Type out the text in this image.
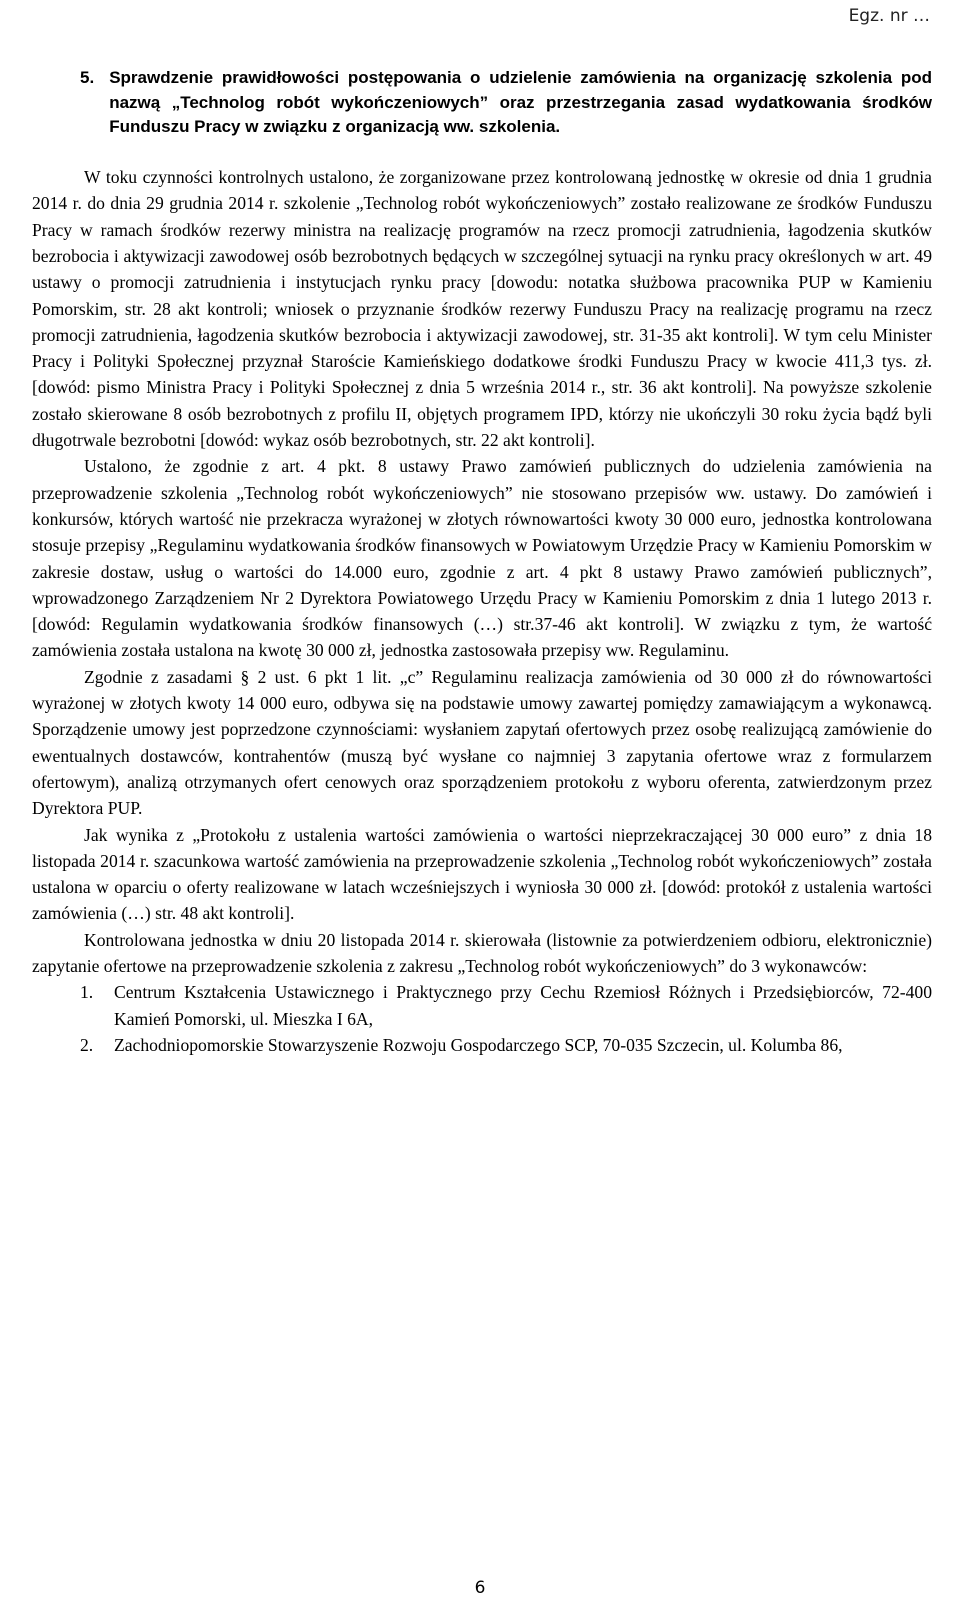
Egz. nr …
5. Sprawdzenie prawidłowości postępowania o udzielenie zamówienia na organizację szkolenia pod nazwą „Technolog robót wykończeniowych” oraz przestrzegania zasad wydatkowania środków Funduszu Pracy w związku z organizacją ww. szkolenia.

W toku czynności kontrolnych ustalono, że zorganizowane przez kontrolowaną jednostkę w okresie od dnia 1 grudnia 2014 r. do dnia 29 grudnia 2014 r. szkolenie „Technolog robót wykończeniowych” zostało realizowane ze środków Funduszu Pracy w ramach środków rezerwy ministra na realizację programów na rzecz promocji zatrudnienia, łagodzenia skutków bezrobocia i aktywizacji zawodowej osób bezrobotnych będących w szczególnej sytuacji na rynku pracy określonych w art. 49 ustawy o promocji zatrudnienia i instytucjach rynku pracy [dowodu: notatka służbowa pracownika PUP w Kamieniu Pomorskim, str. 28 akt kontroli; wniosek o przyznanie środków rezerwy Funduszu Pracy na realizację programu na rzecz promocji zatrudnienia, łagodzenia skutków bezrobocia i aktywizacji zawodowej, str. 31-35 akt kontroli]. W tym celu Minister Pracy i Polityki Społecznej przyznał Staroście Kamieńskiego dodatkowe środki Funduszu Pracy w kwocie 411,3 tys. zł. [dowód: pismo Ministra Pracy i Polityki Społecznej z dnia 5 września 2014 r., str. 36 akt kontroli]. Na powyższe szkolenie zostało skierowane 8 osób bezrobotnych z profilu II, objętych programem IPD, którzy nie ukończyli 30 roku życia bądź byli długotrwale bezrobotni [dowód: wykaz osób bezrobotnych, str. 22 akt kontroli].

Ustalono, że zgodnie z art. 4 pkt. 8 ustawy Prawo zamówień publicznych do udzielenia zamówienia na przeprowadzenie szkolenia „Technolog robót wykończeniowych” nie stosowano przepisów ww. ustawy. Do zamówień i konkursów, których wartość nie przekracza wyrażonej w złotych równowartości kwoty 30 000 euro, jednostka kontrolowana stosuje przepisy „Regulaminu wydatkowania środków finansowych w Powiatowym Urzędzie Pracy w Kamieniu Pomorskim w zakresie dostaw, usług o wartości do 14.000 euro, zgodnie z art. 4 pkt 8 ustawy Prawo zamówień publicznych”, wprowadzonego Zarządzeniem Nr 2 Dyrektora Powiatowego Urzędu Pracy w Kamieniu Pomorskim z dnia 1 lutego 2013 r. [dowód: Regulamin wydatkowania środków finansowych (…) str.37-46 akt kontroli]. W związku z tym, że wartość zamówienia została ustalona na kwotę 30 000 zł, jednostka zastosowała przepisy ww. Regulaminu.

Zgodnie z zasadami § 2 ust. 6 pkt 1 lit. „c” Regulaminu realizacja zamówienia od 30 000 zł do równowartości wyrażonej w złotych kwoty 14 000 euro, odbywa się na podstawie umowy zawartej pomiędzy zamawiającym a wykonawcą. Sporządzenie umowy jest poprzedzone czynnościami: wysłaniem zapytań ofertowych przez osobę realizującą zamówienie do ewentualnych dostawców, kontrahentów (muszą być wysłane co najmniej 3 zapytania ofertowe wraz z formularzem ofertowym), analizą otrzymanych ofert cenowych oraz sporządzeniem protokołu z wyboru oferenta, zatwierdzonym przez Dyrektora PUP.

Jak wynika z „Protokołu z ustalenia wartości zamówienia o wartości nieprzekraczającej 30 000 euro” z dnia 18 listopada 2014 r. szacunkowa wartość zamówienia na przeprowadzenie szkolenia „Technolog robót wykończeniowych” została ustalona w oparciu o oferty realizowane w latach wcześniejszych i wyniosła 30 000 zł. [dowód: protokół z ustalenia wartości zamówienia (…) str. 48 akt kontroli].

Kontrolowana jednostka w dniu 20 listopada 2014 r. skierowała (listownie za potwierdzeniem odbioru, elektronicznie) zapytanie ofertowe na przeprowadzenie szkolenia z zakresu „Technolog robót wykończeniowych” do 3 wykonawców:

1.	Centrum Kształcenia Ustawicznego i Praktycznego przy Cechu Rzemiosł Różnych i Przedsiębiorców, 72-400 Kamień Pomorski, ul. Mieszka I 6A,
2.	Zachodniopomorskie Stowarzyszenie Rozwoju Gospodarczego SCP, 70-035 Szczecin, ul. Kolumba 86,
6
